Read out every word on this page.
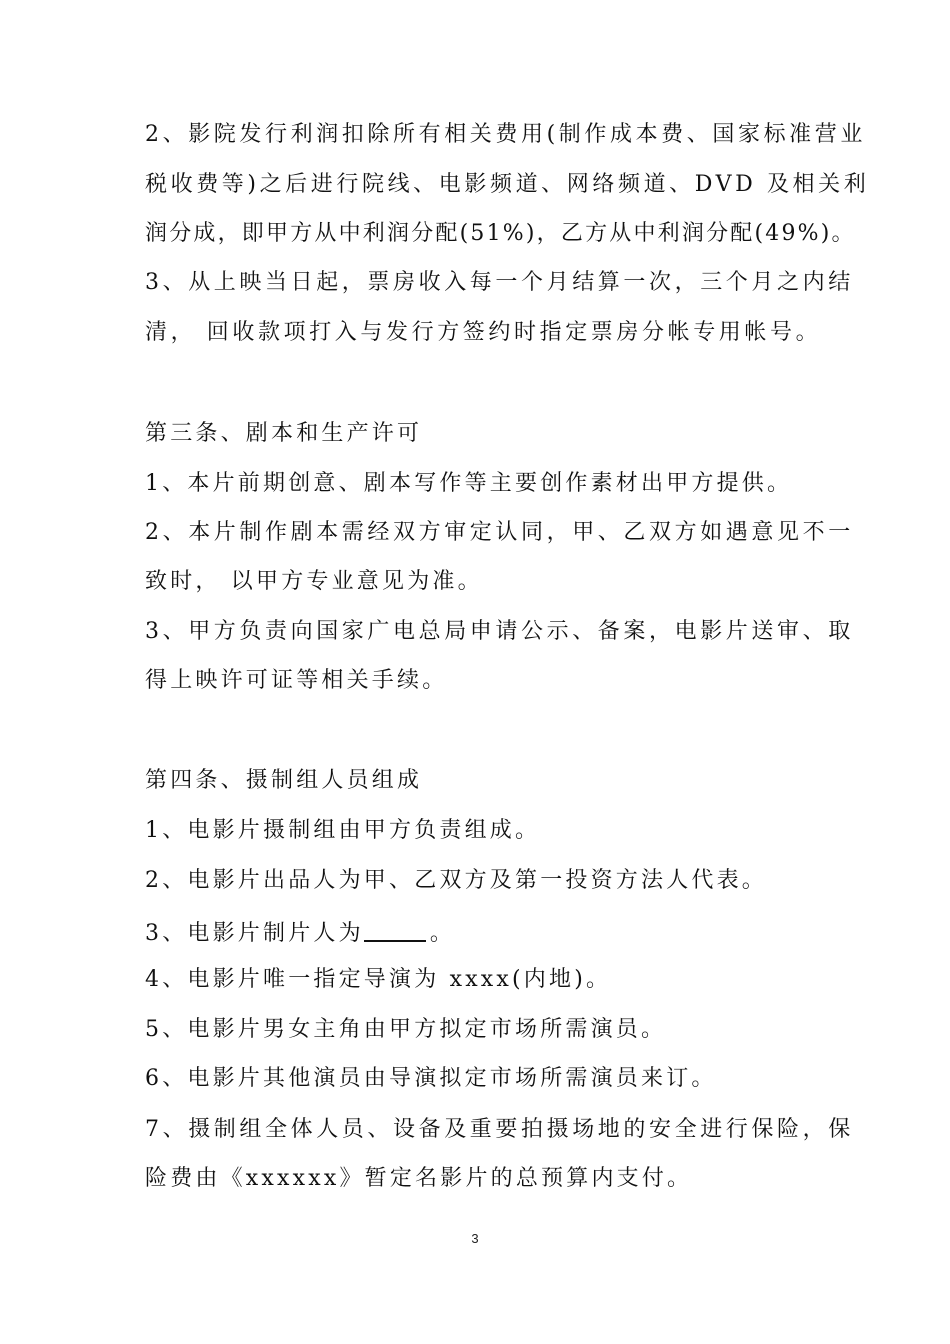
2、影院发行利润扣除所有相关费用(制作成本费、国家标准营业
税收费等)之后进行院线、电影频道、网络频道、DVD 及相关利
润分成，即甲方从中利润分配(51%)，乙方从中利润分配(49%)。
3、从上映当日起，票房收入每一个月结算一次，三个月之内结
清， 回收款项打入与发行方签约时指定票房分帐专用帐号。
第三条、剧本和生产许可
1、本片前期创意、剧本写作等主要创作素材出甲方提供。
2、本片制作剧本需经双方审定认同，甲、乙双方如遇意见不一
致时， 以甲方专业意见为准。
3、甲方负责向国家广电总局申请公示、备案，电影片送审、取
得上映许可证等相关手续。
第四条、摄制组人员组成
1、电影片摄制组由甲方负责组成。
2、电影片出品人为甲、乙双方及第一投资方法人代表。
3、电影片制片人为	。
4、电影片唯一指定导演为 xxxx(内地)。
5、电影片男女主角由甲方拟定市场所需演员。
6、电影片其他演员由导演拟定市场所需演员来订。
7、摄制组全体人员、设备及重要拍摄场地的安全进行保险，保
险费由《xxxxxx》暂定名影片的总预算内支付。
3
